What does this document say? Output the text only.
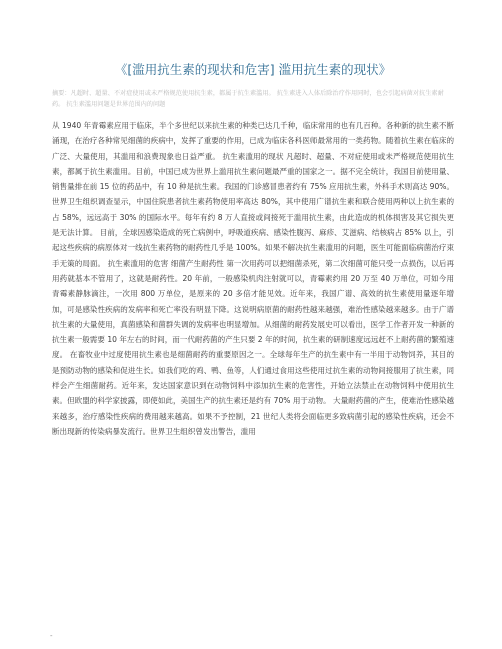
《[滥用抗生素的现状和危害] 滥用抗生素的现状》

摘要：凡超时、超量、不对症使用或未严格规范使用抗生素，都属于抗生素滥用。 抗生素进入人体后除治疗作用同时，也会引起病菌对抗生素耐药。 抗生素滥用问题是世界范围内的问题

从 1940 年青霉素应用于临床，半个多世纪以来抗生素的种类已达几千种，临床常用的也有几百种。各种新的抗生素不断涌现，在治疗各种常见细菌的疾病中，发挥了重要的作用，已成为临床各科医师最常用的一类药物。随着抗生素在临床的广泛、大量使用，其滥用和浪费现象也日益严重。 抗生素滥用的现状 凡超时、超量、不对症使用或未严格规范使用抗生素，都属于抗生素滥用。目前，中国已成为世界上滥用抗生素问题最严重的国家之一。据不完全统计，我国目前使用量、销售量排在前 15 位的药品中，有 10 种是抗生素。我国的门诊感冒患者约有 75% 应用抗生素，外科手术则高达 90%。世界卫生组织调查显示，中国住院患者抗生素药物使用率高达 80%，其中使用广谱抗生素和联合使用两种以上抗生素的占 58%，远远高于 30% 的国际水平。每年有约 8 万人直接或间接死于滥用抗生素，由此造成的机体损害及其它损失更是无法计算。 目前，全球因感染造成的死亡病例中，呼吸道疾病、感染性腹泻、麻疹、艾滋病、结核病占 85% 以上，引起这些疾病的病原体对一线抗生素药物的耐药性几乎是 100%。如果不解决抗生素滥用的问题，医生可能面临病菌治疗束手无策的局面。 抗生素滥用的危害 细菌产生耐药性 第一次用药可以把细菌杀死，第二次细菌可能只受一点损伤，以后再用药就基本不管用了，这就是耐药性。20 年前，一般感染机肉注射就可以，青霉素约用 20 万至 40 万单位，可如今用青霉素静脉滴注，一次用 800 万单位，是原来的 20 多倍才能见效。近年来，我国广谱、高效的抗生素使用量逐年增加，可是感染性疾病的发病率和死亡率没有明显下降。这说明病原菌的耐药性越来越强，难治性感染越来越多。由于广谱抗生素的大量使用，真菌感染和菌群失调的发病率也明显增加。从细菌的耐药发展史可以看出，医学工作者开发一种新的抗生素一般需要 10 年左右的时间，而一代耐药菌的产生只要 2 年的时间，抗生素的研制速度远远赶不上耐药菌的繁殖速度。 在畜牧业中过度使用抗生素也是细菌耐药的重要原因之一。全球每年生产的抗生素中有一半用于动物饲养，其目的是预防动物的感染和促进生长。如我们吃的鸡、鸭、鱼等，人们通过食用这些使用过抗生素的动物间接服用了抗生素，同样会产生细菌耐药。近年来，发达国家意识到在动物饲料中添加抗生素的危害性，开始立法禁止在动物饲料中使用抗生素。但欧盟的科学家披露，即使如此，美国生产的抗生素还是约有 70% 用于动物。 大量耐药菌的产生，使难治性感染越来越多，治疗感染性疾病的费用越来越高。如果不予控制，21 世纪人类将会面临更多致病菌引起的感染性疾病，还会不断出现新的传染病暴发流行。世界卫生组织曾发出警告，滥用

-
